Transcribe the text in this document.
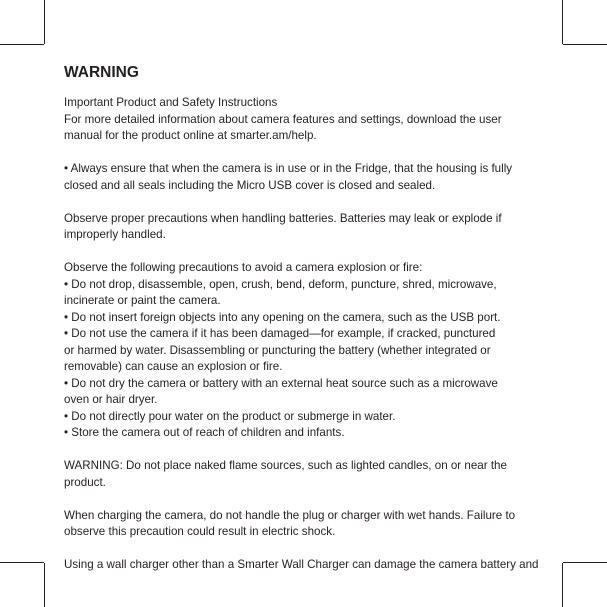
WARNING
Important Product and Safety Instructions
For more detailed information about camera features and settings, download the user
manual for the product online at smarter.am/help.
• Always ensure that when the camera is in use or in the Fridge, that the housing is fully
closed and all seals including the Micro USB cover is closed and sealed.
Observe proper precautions when handling batteries. Batteries may leak or explode if
improperly handled.
Observe the following precautions to avoid a camera explosion or fire:
• Do not drop, disassemble, open, crush, bend, deform, puncture, shred, microwave,
incinerate or paint the camera.
• Do not insert foreign objects into any opening on the camera, such as the USB port.
• Do not use the camera if it has been damaged—for example, if cracked, punctured
or harmed by water. Disassembling or puncturing the battery (whether integrated or
removable) can cause an explosion or fire.
• Do not dry the camera or battery with an external heat source such as a microwave
oven or hair dryer.
• Do not directly pour water on the product or submerge in water.
• Store the camera out of reach of children and infants.
WARNING: Do not place naked flame sources, such as lighted candles, on or near the
product.
When charging the camera, do not handle the plug or charger with wet hands. Failure to
observe this precaution could result in electric shock.
Using a wall charger other than a Smarter Wall Charger can damage the camera battery and
